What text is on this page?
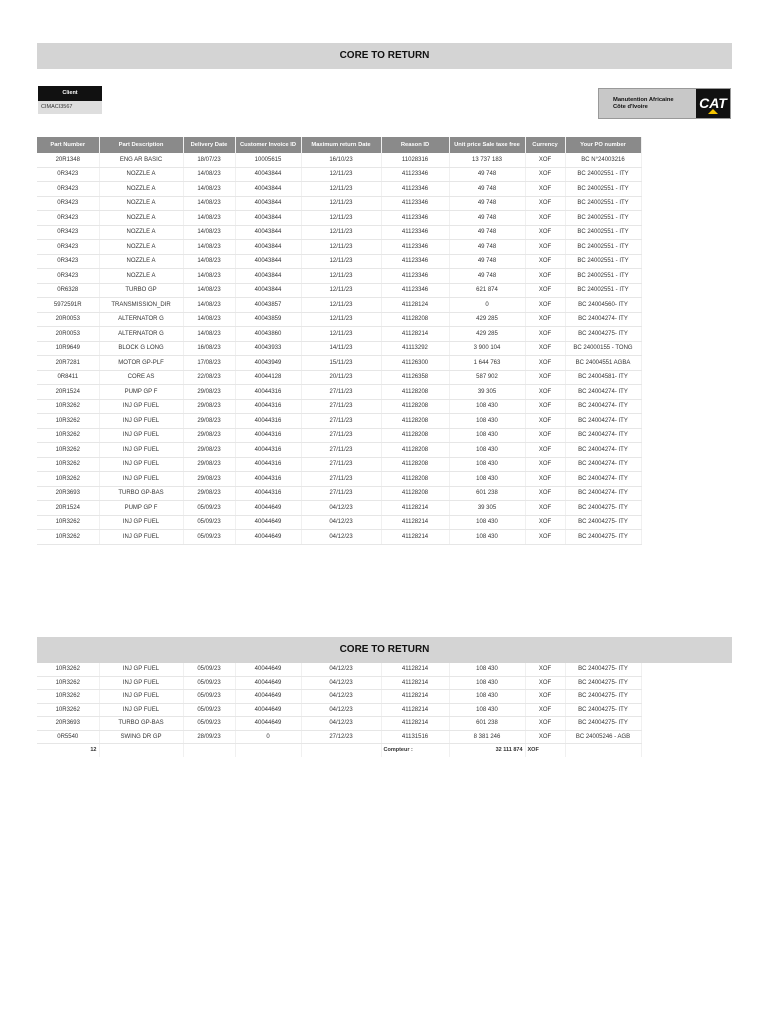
CORE TO RETURN
Client
CIMACI3567
Manutention Africaine
Côte d'Ivoire	CAT
Part Number	Part Description	Delivery Date	Customer Invoice ID	Maximum return Date	Reason ID	Unit price Sale taxe free	Currency	Your PO number
20R1348	ENG AR BASIC	18/07/23	10005615	16/10/23	11028316	13 737 183	XOF	BC N°24003216
0R3423	NOZZLE A	14/08/23	40043844	12/11/23	41123346	49 748	XOF	BC 24002551 - ITY
0R3423	NOZZLE A	14/08/23	40043844	12/11/23	41123346	49 748	XOF	BC 24002551 - ITY
0R3423	NOZZLE A	14/08/23	40043844	12/11/23	41123346	49 748	XOF	BC 24002551 - ITY
0R3423	NOZZLE A	14/08/23	40043844	12/11/23	41123346	49 748	XOF	BC 24002551 - ITY
0R3423	NOZZLE A	14/08/23	40043844	12/11/23	41123346	49 748	XOF	BC 24002551 - ITY
0R3423	NOZZLE A	14/08/23	40043844	12/11/23	41123346	49 748	XOF	BC 24002551 - ITY
0R3423	NOZZLE A	14/08/23	40043844	12/11/23	41123346	49 748	XOF	BC 24002551 - ITY
0R3423	NOZZLE A	14/08/23	40043844	12/11/23	41123346	49 748	XOF	BC 24002551 - ITY
0R6328	TURBO GP	14/08/23	40043844	12/11/23	41123346	621 874	XOF	BC 24002551 - ITY
5972591R	TRANSMISSION_DIR	14/08/23	40043857	12/11/23	41128124	0	XOF	BC 24004560- ITY
20R0053	ALTERNATOR G	14/08/23	40043859	12/11/23	41128208	429 285	XOF	BC 24004274- ITY
20R0053	ALTERNATOR G	14/08/23	40043860	12/11/23	41128214	429 285	XOF	BC 24004275- ITY
10R9649	BLOCK G LONG	16/08/23	40043933	14/11/23	41113292	3 900 104	XOF	BC 24000155 - TONG
20R7281	MOTOR GP-PLF	17/08/23	40043949	15/11/23	41126300	1 644 763	XOF	BC 24004551 AGBA
0R8411	CORE AS	22/08/23	40044128	20/11/23	41126358	587 902	XOF	BC 24004581- ITY
20R1524	PUMP GP F	29/08/23	40044316	27/11/23	41128208	39 305	XOF	BC 24004274- ITY
10R3262	INJ GP FUEL	29/08/23	40044316	27/11/23	41128208	108 430	XOF	BC 24004274- ITY
10R3262	INJ GP FUEL	29/08/23	40044316	27/11/23	41128208	108 430	XOF	BC 24004274- ITY
10R3262	INJ GP FUEL	29/08/23	40044316	27/11/23	41128208	108 430	XOF	BC 24004274- ITY
10R3262	INJ GP FUEL	29/08/23	40044316	27/11/23	41128208	108 430	XOF	BC 24004274- ITY
10R3262	INJ GP FUEL	29/08/23	40044316	27/11/23	41128208	108 430	XOF	BC 24004274- ITY
10R3262	INJ GP FUEL	29/08/23	40044316	27/11/23	41128208	108 430	XOF	BC 24004274- ITY
20R3693	TURBO GP-BAS	29/08/23	40044316	27/11/23	41128208	601 238	XOF	BC 24004274- ITY
20R1524	PUMP GP F	05/09/23	40044649	04/12/23	41128214	39 305	XOF	BC 24004275- ITY
10R3262	INJ GP FUEL	05/09/23	40044649	04/12/23	41128214	108 430	XOF	BC 24004275- ITY
10R3262	INJ GP FUEL	05/09/23	40044649	04/12/23	41128214	108 430	XOF	BC 24004275- ITY
CORE TO RETURN
10R3262	INJ GP FUEL	05/09/23	40044649	04/12/23	41128214	108 430	XOF	BC 24004275- ITY
10R3262	INJ GP FUEL	05/09/23	40044649	04/12/23	41128214	108 430	XOF	BC 24004275- ITY
10R3262	INJ GP FUEL	05/09/23	40044649	04/12/23	41128214	108 430	XOF	BC 24004275- ITY
10R3262	INJ GP FUEL	05/09/23	40044649	04/12/23	41128214	108 430	XOF	BC 24004275- ITY
20R3693	TURBO GP-BAS	05/09/23	40044649	04/12/23	41128214	601 238	XOF	BC 24004275- ITY
0R5540	SWING DR GP	28/09/23	0	27/12/23	41131516	8 381 246	XOF	BC 24005246 - AGB
12					Compteur :	32 111 874	XOF	
